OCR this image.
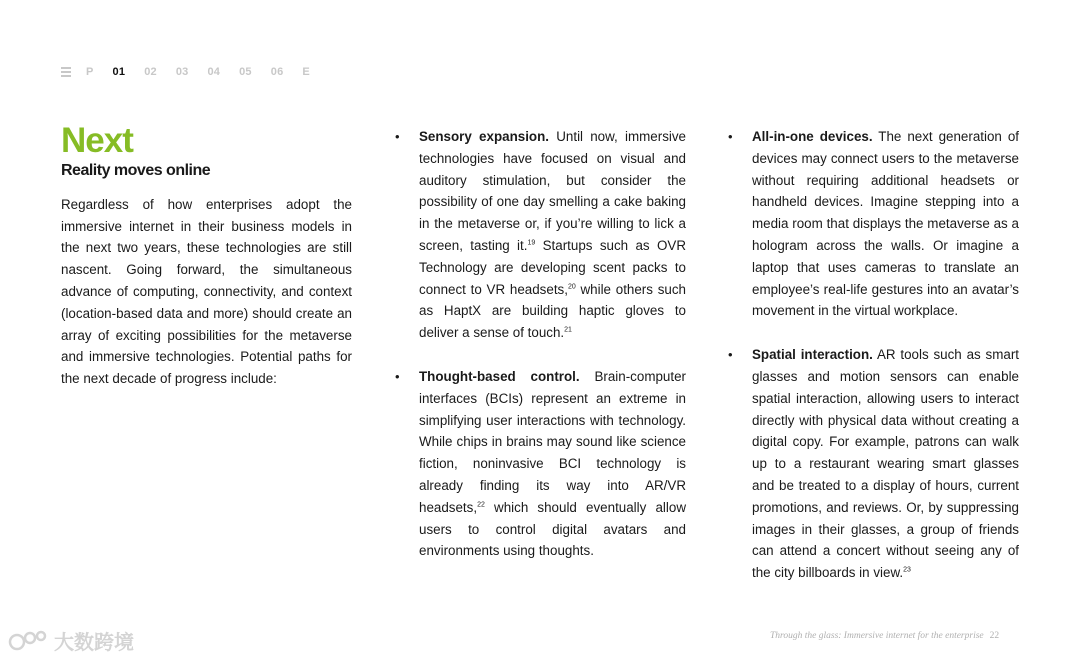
P 01 02 03 04 05 06 E
Next
Reality moves online

Regardless of how enterprises adopt the immersive internet in their business models in the next two years, these technologies are still nascent. Going forward, the simultaneous advance of computing, connectivity, and context (location-based data and more) should create an array of exciting possibilities for the metaverse and immersive technologies. Potential paths for the next decade of progress include:

• Sensory expansion. Until now, immersive technologies have focused on visual and auditory stimulation, but consider the possibility of one day smelling a cake baking in the metaverse or, if you’re willing to lick a screen, tasting it.$^{19}$ Startups such as OVR Technology are developing scent packs to connect to VR headsets,$^{20}$ while others such as HaptX are building haptic gloves to deliver a sense of touch.$^{21}$
• Thought-based control. Brain-computer interfaces (BCIs) represent an extreme in simplifying user interactions with technology. While chips in brains may sound like science fiction, noninvasive BCI technology is already finding its way into AR/VR headsets,$^{22}$ which should eventually allow users to control digital avatars and environments using thoughts.
• All-in-one devices. The next generation of devices may connect users to the metaverse without requiring additional headsets or handheld devices. Imagine stepping into a media room that displays the metaverse as a hologram across the walls. Or imagine a laptop that uses cameras to translate an employee’s real-life gestures into an avatar’s movement in the virtual workplace.
• Spatial interaction. AR tools such as smart glasses and motion sensors can enable spatial interaction, allowing users to interact directly with physical data without creating a digital copy. For example, patrons can walk up to a restaurant wearing smart glasses and be treated to a display of hours, current promotions, and reviews. Or, by suppressing images in their glasses, a group of friends can attend a concert without seeing any of the city billboards in view.$^{23}$
Through the glass: Immersive internet for the enterprise 22
大数跨境
